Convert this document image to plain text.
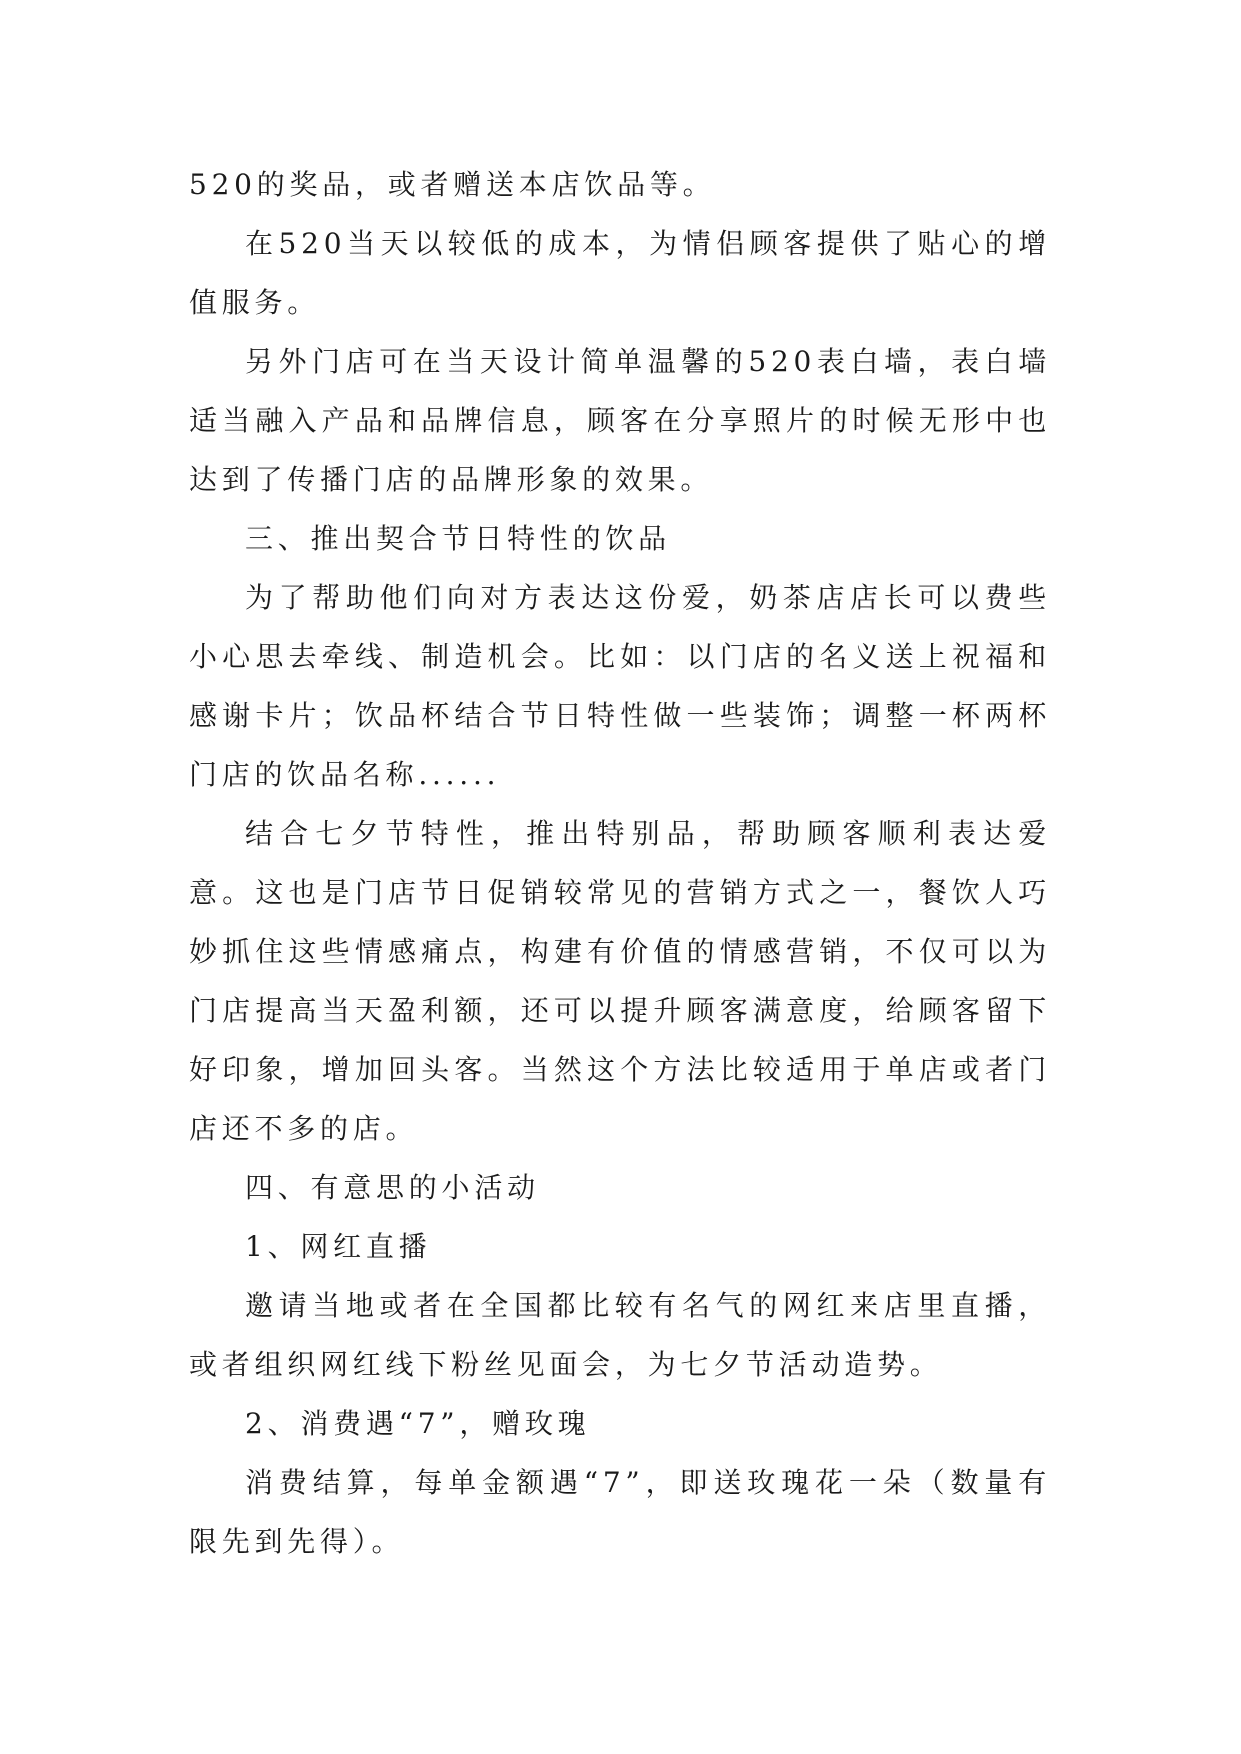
520的奖品，或者赠送本店饮品等。

在520当天以较低的成本，为情侣顾客提供了贴心的增值服务。

另外门店可在当天设计简单温馨的520表白墙，表白墙适当融入产品和品牌信息，顾客在分享照片的时候无形中也达到了传播门店的品牌形象的效果。

三、推出契合节日特性的饮品

为了帮助他们向对方表达这份爱，奶茶店店长可以费些小心思去牵线、制造机会。比如：以门店的名义送上祝福和感谢卡片；饮品杯结合节日特性做一些装饰；调整一杯两杯门店的饮品名称......

结合七夕节特性，推出特别品，帮助顾客顺利表达爱意。这也是门店节日促销较常见的营销方式之一，餐饮人巧妙抓住这些情感痛点，构建有价值的情感营销，不仅可以为门店提高当天盈利额，还可以提升顾客满意度，给顾客留下好印象，增加回头客。当然这个方法比较适用于单店或者门店还不多的店。

四、有意思的小活动

1、网红直播

邀请当地或者在全国都比较有名气的网红来店里直播，或者组织网红线下粉丝见面会，为七夕节活动造势。

2、消费遇“7”，赠玫瑰

消费结算，每单金额遇“7”，即送玫瑰花一朵（数量有限先到先得）。
